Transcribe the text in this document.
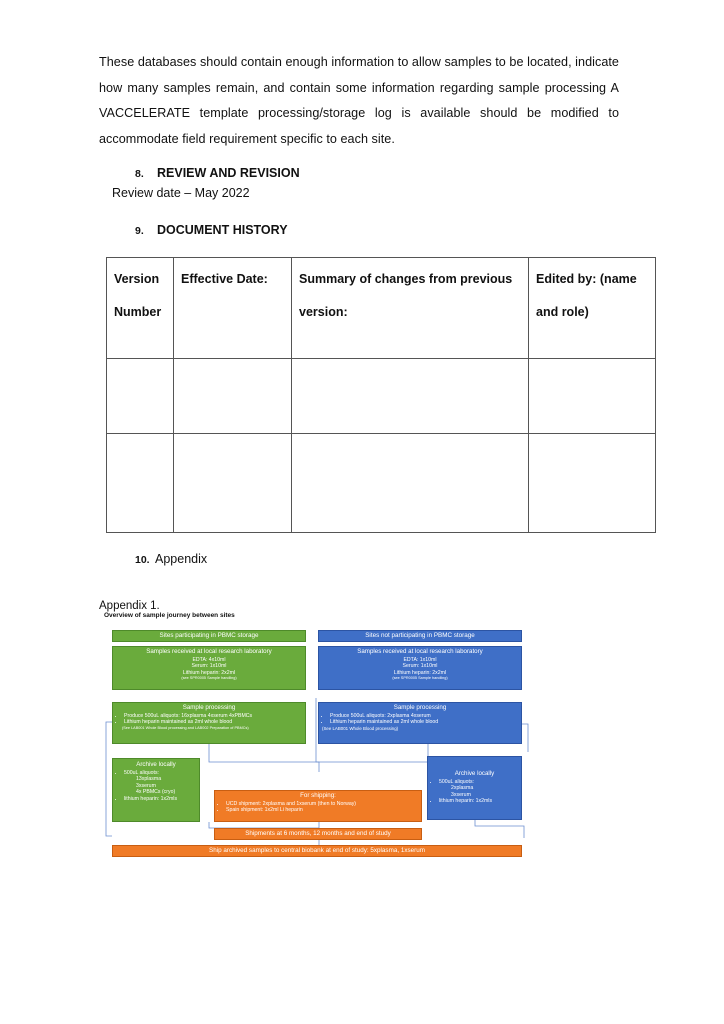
These databases should contain enough information to allow samples to be located, indicate how many samples remain, and contain some information regarding sample processing A VACCELERATE template processing/storage log is available should be modified to accommodate field requirement specific to each site.

8. REVIEW AND REVISION
Review date – May 2022
9. DOCUMENT HISTORY
Version Number	Effective Date:	Summary of changes from previous version:	Edited by: (name and role)

10. Appendix
Appendix 1.
Overview of sample journey between sites
Sites participating in PBMC storage	Sites not participating in PBMC storage
Samples received at local research laboratory
EDTA: 4x10ml
Serum: 1x10ml
Lithium heparin: 2x2ml
(see SPR0005 Sample handling)
Samples received at local research laboratory
EDTA: 1x10ml
Serum: 1x10ml
Lithium heparin: 2x2ml
(see SPR0005 Sample handling)
Sample processing
• Produce 500uL aliquots: 16xplasma 4xserum 4xPBMCs
• Lithium heparin maintained as 2ml whole blood
(See LAB001 Whole Blood processing and LAB002 Preparation of PBMCs)
Sample processing
• Produce 500uL aliquots: 2xplasma 4xserum
• Lithium heparin maintained as 2ml whole blood
(See LAB001 Whole Blood processing)
Archive locally
• 500uL aliquots:
13xplasma
3xserum
4x PBMCs (cryo)
• lithium heparin: 1x2mls
Archive locally
• 500uL aliquots:
2xplasma
3xserum
• lithium heparin: 1x2mls
For shipping:
• UCD shipment: 2xplasma and 1xserum (then to Norway)
• Spain shipment: 1x2ml Li heparin
Shipments at 6 months, 12 months and end of study
Ship archived samples to central biobank at end of study: 5xplasma, 1xserum
